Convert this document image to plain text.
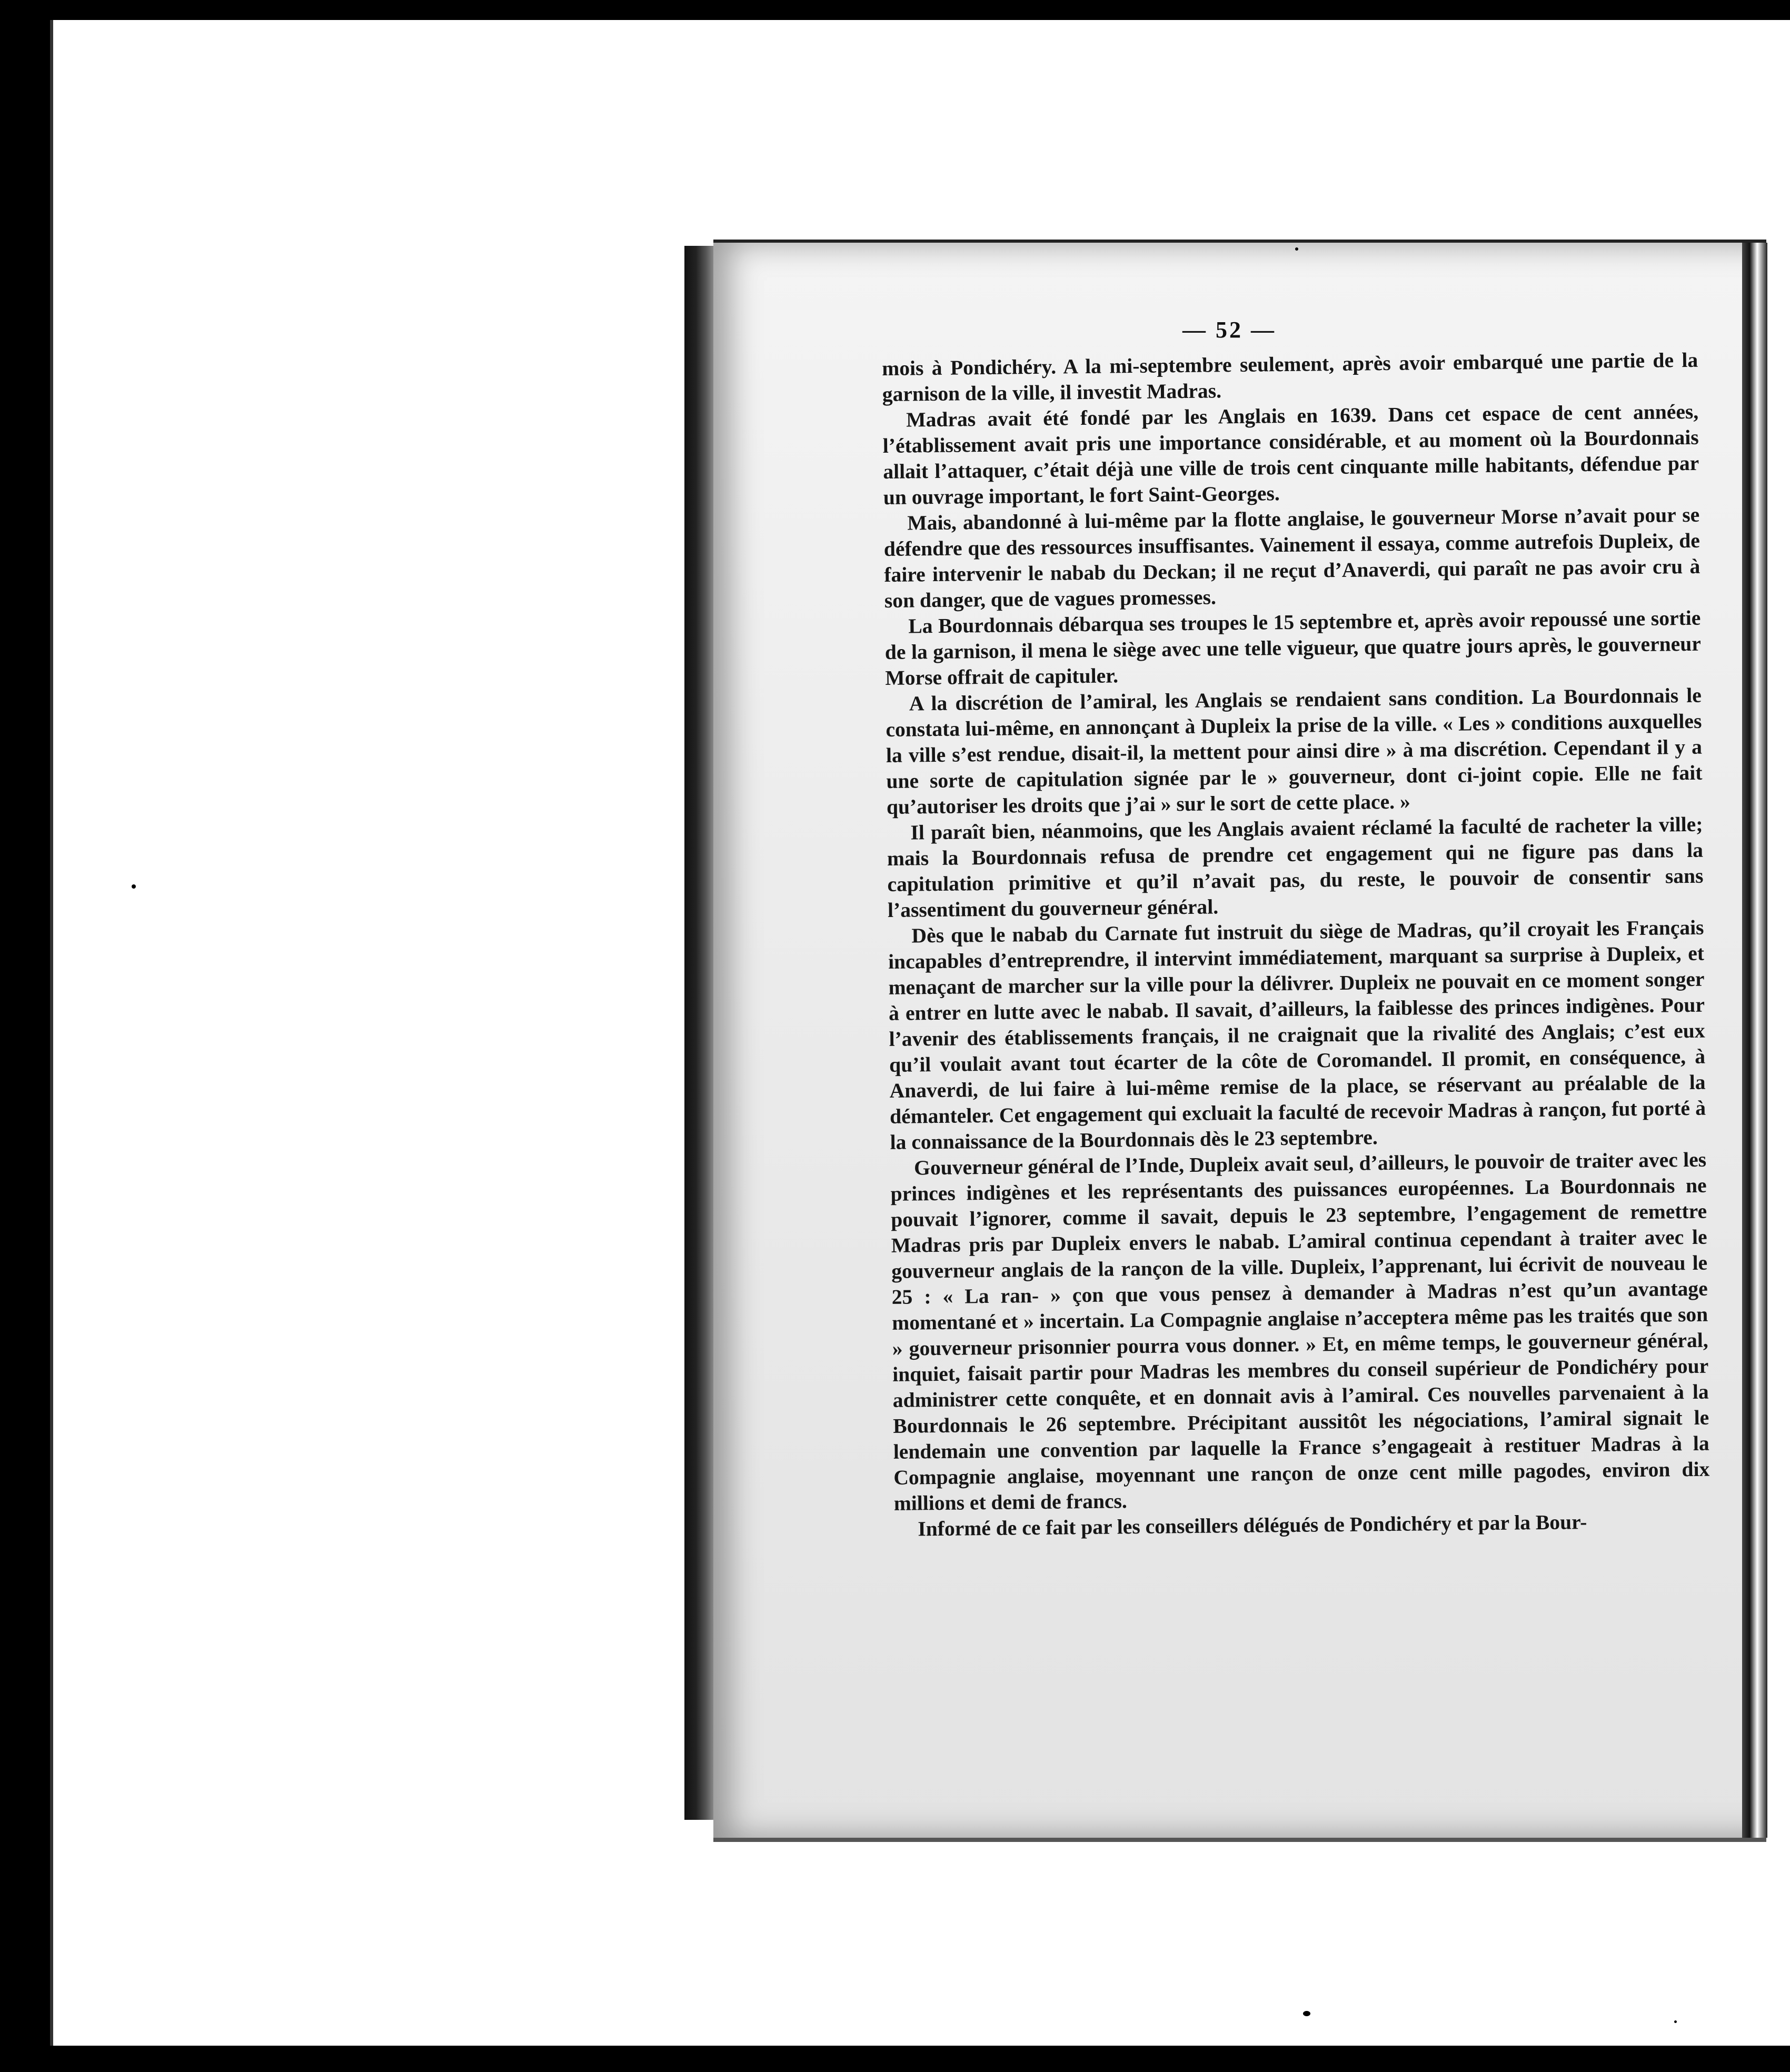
— 52 —

mois à Pondichéry. A la mi-septembre seulement, après avoir embarqué une partie de la garnison de la ville, il investit Madras.

Madras avait été fondé par les Anglais en 1639. Dans cet espace de cent années, l’établissement avait pris une importance considérable, et au moment où la Bourdonnais allait l’attaquer, c’était déjà une ville de trois cent cinquante mille habitants, défendue par un ouvrage important, le fort Saint-Georges.

Mais, abandonné à lui-même par la flotte anglaise, le gouverneur Morse n’avait pour se défendre que des ressources insuffisantes. Vainement il essaya, comme autrefois Dupleix, de faire intervenir le nabab du Deckan; il ne reçut d’Anaverdi, qui paraît ne pas avoir cru à son danger, que de vagues promesses.

La Bourdonnais débarqua ses troupes le 15 septembre et, après avoir repoussé une sortie de la garnison, il mena le siège avec une telle vigueur, que quatre jours après, le gouverneur Morse offrait de capituler.

A la discrétion de l’amiral, les Anglais se rendaient sans condition. La Bourdonnais le constata lui-même, en annonçant à Dupleix la prise de la ville. « Les » conditions auxquelles la ville s’est rendue, disait-il, la mettent pour ainsi dire » à ma discrétion. Cependant il y a une sorte de capitulation signée par le » gouverneur, dont ci-joint copie. Elle ne fait qu’autoriser les droits que j’ai » sur le sort de cette place. »

Il paraît bien, néanmoins, que les Anglais avaient réclamé la faculté de racheter la ville; mais la Bourdonnais refusa de prendre cet engagement qui ne figure pas dans la capitulation primitive et qu’il n’avait pas, du reste, le pouvoir de consentir sans l’assentiment du gouverneur général.

Dès que le nabab du Carnate fut instruit du siège de Madras, qu’il croyait les Français incapables d’entreprendre, il intervint immédiatement, marquant sa surprise à Dupleix, et menaçant de marcher sur la ville pour la délivrer. Dupleix ne pouvait en ce moment songer à entrer en lutte avec le nabab. Il savait, d’ailleurs, la faiblesse des princes indigènes. Pour l’avenir des établissements français, il ne craignait que la rivalité des Anglais; c’est eux qu’il voulait avant tout écarter de la côte de Coromandel. Il promit, en conséquence, à Anaverdi, de lui faire à lui-même remise de la place, se réservant au préalable de la démanteler. Cet engagement qui excluait la faculté de recevoir Madras à rançon, fut porté à la connaissance de la Bourdonnais dès le 23 septembre.

Gouverneur général de l’Inde, Dupleix avait seul, d’ailleurs, le pouvoir de traiter avec les princes indigènes et les représentants des puissances européennes. La Bourdonnais ne pouvait l’ignorer, comme il savait, depuis le 23 septembre, l’engagement de remettre Madras pris par Dupleix envers le nabab. L’amiral continua cependant à traiter avec le gouverneur anglais de la rançon de la ville. Dupleix, l’apprenant, lui écrivit de nouveau le 25 : « La ran- » çon que vous pensez à demander à Madras n’est qu’un avantage momentané et » incertain. La Compagnie anglaise n’acceptera même pas les traités que son » gouverneur prisonnier pourra vous donner. » Et, en même temps, le gouverneur général, inquiet, faisait partir pour Madras les membres du conseil supérieur de Pondichéry pour administrer cette conquête, et en donnait avis à l’amiral. Ces nouvelles parvenaient à la Bourdonnais le 26 septembre. Précipitant aussitôt les négociations, l’amiral signait le lendemain une convention par laquelle la France s’engageait à restituer Madras à la Compagnie anglaise, moyennant une rançon de onze cent mille pagodes, environ dix millions et demi de francs.

Informé de ce fait par les conseillers délégués de Pondichéry et par la Bour-
